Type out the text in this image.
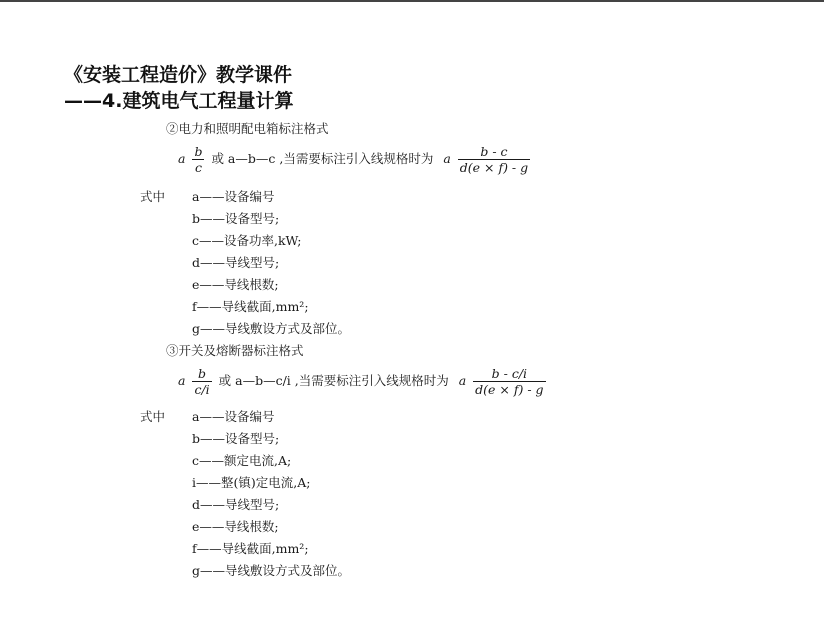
《安装工程造价》教学课件
——4.建筑电气工程量计算
②电力和照明配电箱标注格式
a $\frac{b}{c}$ 或 a—b—c ,当需要标注引入线规格时为 a $\frac{b - c}{d(e \times f) - g}$
式中 a——设备编号
b——设备型号;
c——设备功率,kW;
d——导线型号;
e——导线根数;
f——导线截面,mm²;
g——导线敷设方式及部位。
③开关及熔断器标注格式
a $\frac{b}{c/i}$ 或 a—b—c/i ,当需要标注引入线规格时为 a $\frac{b - c/i}{d(e \times f) - g}$
式中 a——设备编号
b——设备型号;
c——额定电流,A;
i——整(镇)定电流,A;
d——导线型号;
e——导线根数;
f——导线截面,mm²;
g——导线敷设方式及部位。
